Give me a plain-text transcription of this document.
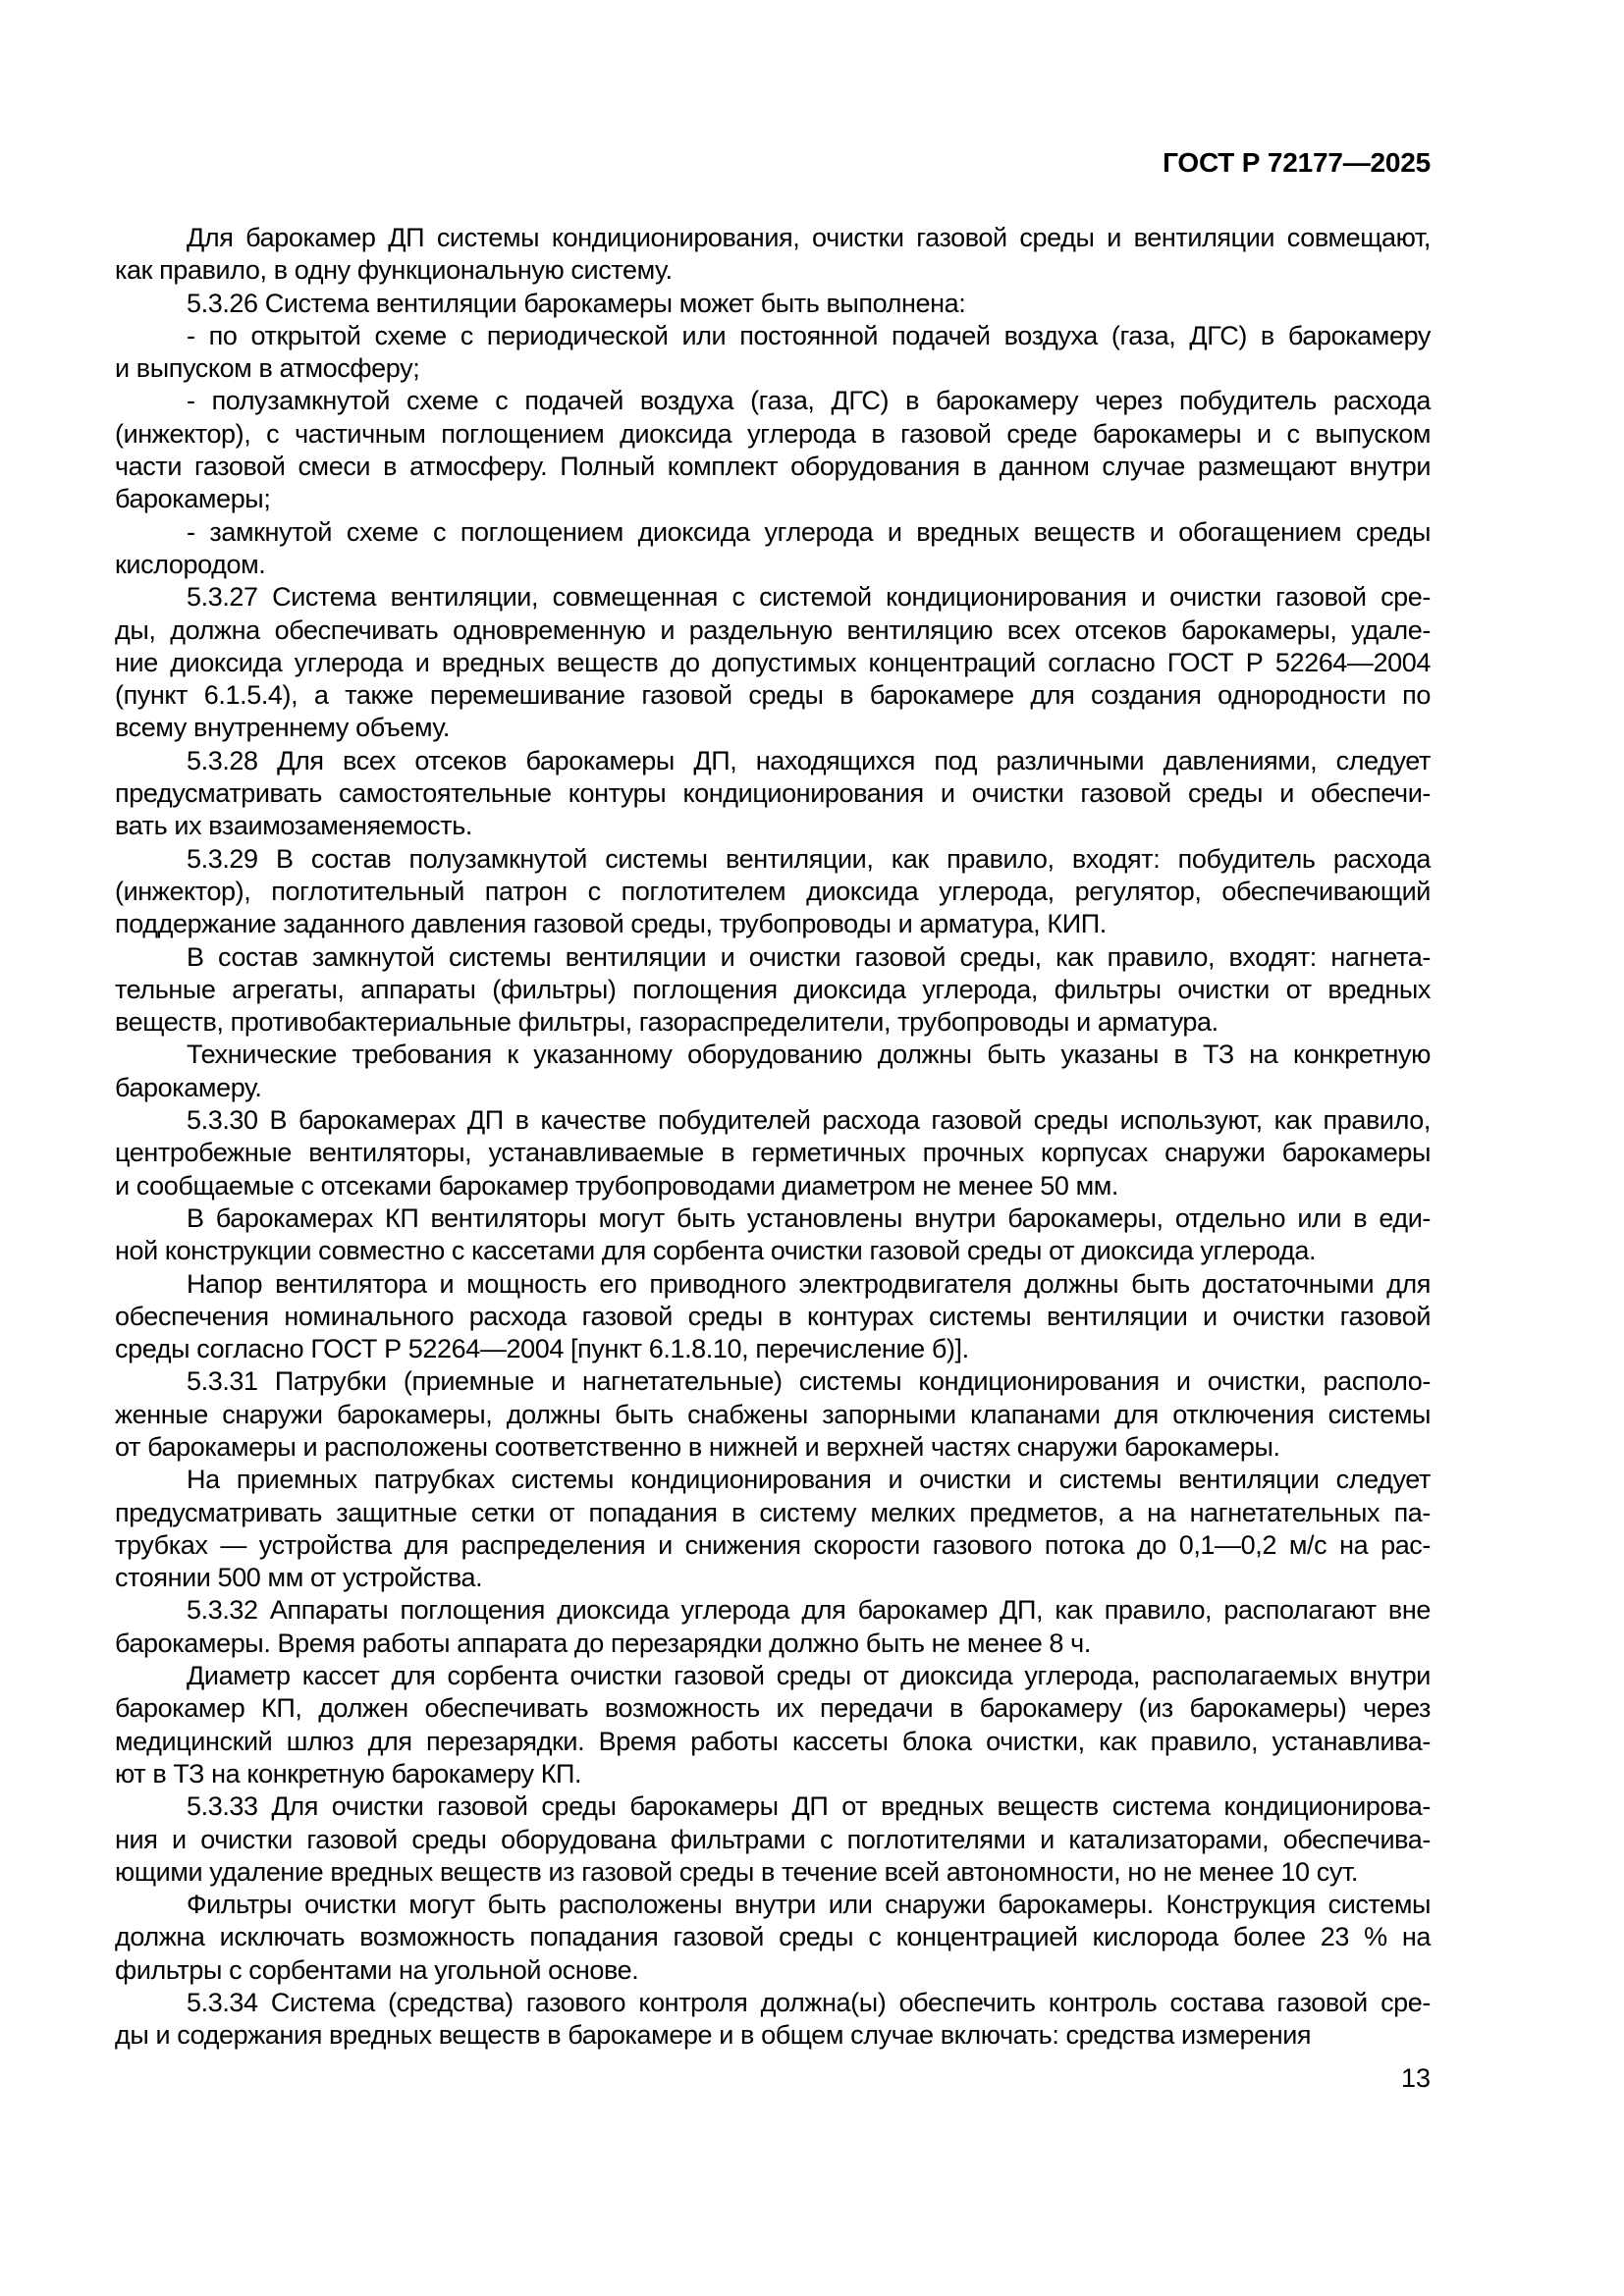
ГОСТ Р 72177—2025
Для барокамер ДП системы кондиционирования, очистки газовой среды и вентиляции совмещают,
как правило, в одну функциональную систему.
5.3.26 Система вентиляции барокамеры может быть выполнена:
- по открытой схеме с периодической или постоянной подачей воздуха (газа, ДГС) в барокамеру
и выпуском в атмосферу;
- полузамкнутой схеме с подачей воздуха (газа, ДГС) в барокамеру через побудитель расхода
(инжектор), с частичным поглощением диоксида углерода в газовой среде барокамеры и с выпуском
части газовой смеси в атмосферу. Полный комплект оборудования в данном случае размещают внутри
барокамеры;
- замкнутой схеме с поглощением диоксида углерода и вредных веществ и обогащением среды
кислородом.
5.3.27 Система вентиляции, совмещенная с системой кондиционирования и очистки газовой сре-
ды, должна обеспечивать одновременную и раздельную вентиляцию всех отсеков барокамеры, удале-
ние диоксида углерода и вредных веществ до допустимых концентраций согласно ГОСТ Р 52264—2004
(пункт 6.1.5.4), а также перемешивание газовой среды в барокамере для создания однородности по
всему внутреннему объему.
5.3.28 Для всех отсеков барокамеры ДП, находящихся под различными давлениями, следует
предусматривать самостоятельные контуры кондиционирования и очистки газовой среды и обеспечи-
вать их взаимозаменяемость.
5.3.29 В состав полузамкнутой системы вентиляции, как правило, входят: побудитель расхода
(инжектор), поглотительный патрон с поглотителем диоксида углерода, регулятор, обеспечивающий
поддержание заданного давления газовой среды, трубопроводы и арматура, КИП.
В состав замкнутой системы вентиляции и очистки газовой среды, как правило, входят: нагнета-
тельные агрегаты, аппараты (фильтры) поглощения диоксида углерода, фильтры очистки от вредных
веществ, противобактериальные фильтры, газораспределители, трубопроводы и арматура.
Технические требования к указанному оборудованию должны быть указаны в ТЗ на конкретную
барокамеру.
5.3.30 В барокамерах ДП в качестве побудителей расхода газовой среды используют, как правило,
центробежные вентиляторы, устанавливаемые в герметичных прочных корпусах снаружи барокамеры
и сообщаемые с отсеками барокамер трубопроводами диаметром не менее 50 мм.
В барокамерах КП вентиляторы могут быть установлены внутри барокамеры, отдельно или в еди-
ной конструкции совместно с кассетами для сорбента очистки газовой среды от диоксида углерода.
Напор вентилятора и мощность его приводного электродвигателя должны быть достаточными для
обеспечения номинального расхода газовой среды в контурах системы вентиляции и очистки газовой
среды согласно ГОСТ Р 52264—2004 [пункт 6.1.8.10, перечисление б)].
5.3.31 Патрубки (приемные и нагнетательные) системы кондиционирования и очистки, располо-
женные снаружи барокамеры, должны быть снабжены запорными клапанами для отключения системы
от барокамеры и расположены соответственно в нижней и верхней частях снаружи барокамеры.
На приемных патрубках системы кондиционирования и очистки и системы вентиляции следует
предусматривать защитные сетки от попадания в систему мелких предметов, а на нагнетательных па-
трубках — устройства для распределения и снижения скорости газового потока до 0,1—0,2 м/с на рас-
стоянии 500 мм от устройства.
5.3.32 Аппараты поглощения диоксида углерода для барокамер ДП, как правило, располагают вне
барокамеры. Время работы аппарата до перезарядки должно быть не менее 8 ч.
Диаметр кассет для сорбента очистки газовой среды от диоксида углерода, располагаемых внутри
барокамер КП, должен обеспечивать возможность их передачи в барокамеру (из барокамеры) через
медицинский шлюз для перезарядки. Время работы кассеты блока очистки, как правило, устанавлива-
ют в ТЗ на конкретную барокамеру КП.
5.3.33 Для очистки газовой среды барокамеры ДП от вредных веществ система кондиционирова-
ния и очистки газовой среды оборудована фильтрами с поглотителями и катализаторами, обеспечива-
ющими удаление вредных веществ из газовой среды в течение всей автономности, но не менее 10 сут.
Фильтры очистки могут быть расположены внутри или снаружи барокамеры. Конструкция системы
должна исключать возможность попадания газовой среды с концентрацией кислорода более 23 % на
фильтры с сорбентами на угольной основе.
5.3.34 Система (средства) газового контроля должна(ы) обеспечить контроль состава газовой сре-
ды и содержания вредных веществ в барокамере и в общем случае включать: средства измерения
13
